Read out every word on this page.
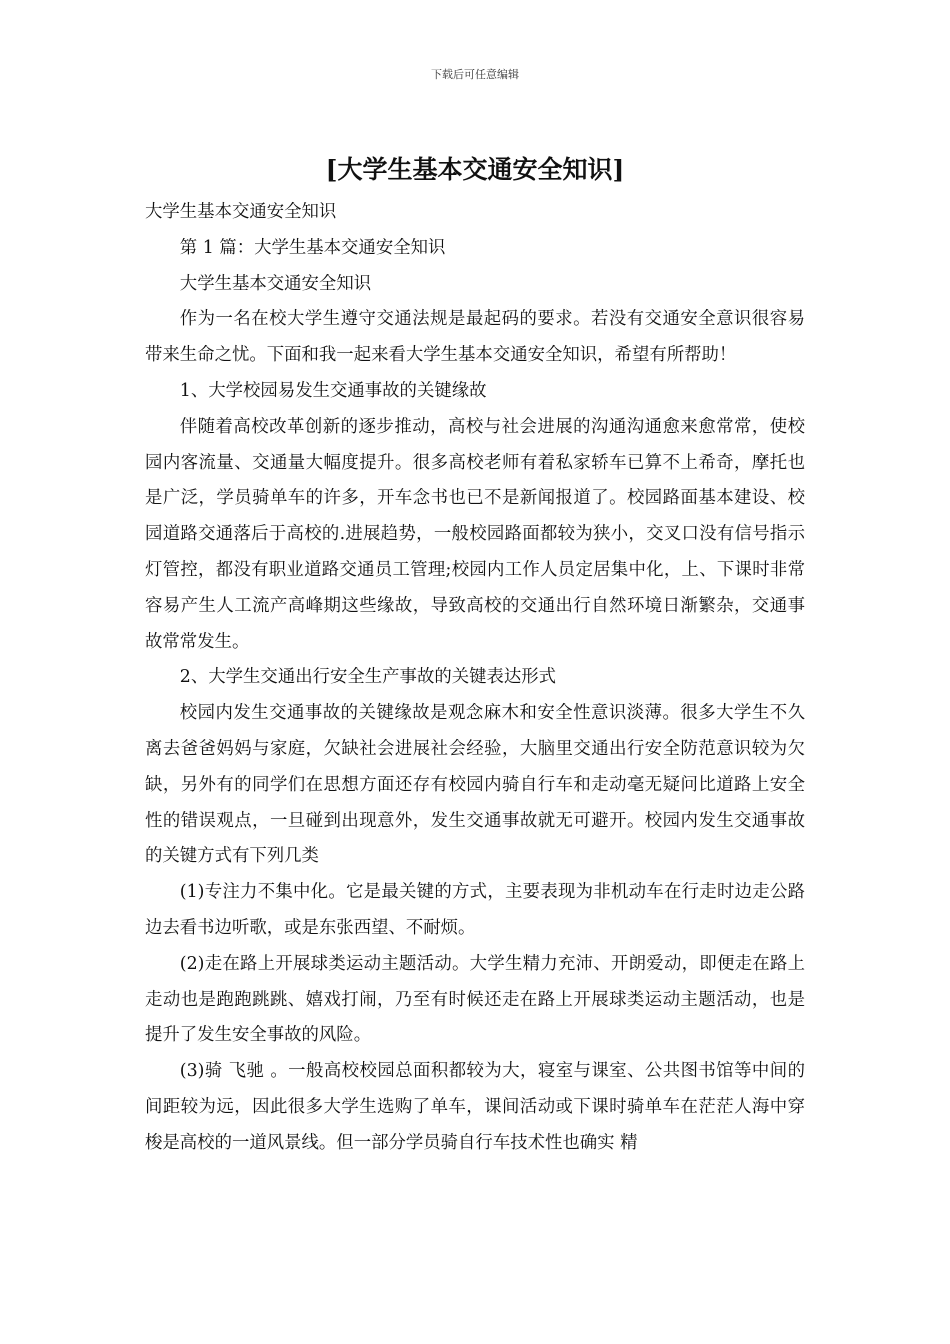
下载后可任意编辑
[大学生基本交通安全知识]

大学生基本交通安全知识

第 1 篇：大学生基本交通安全知识

大学生基本交通安全知识

作为一名在校大学生遵守交通法规是最起码的要求。若没有交通安全意识很容易带来生命之忧。下面和我一起来看大学生基本交通安全知识，希望有所帮助！

1、大学校园易发生交通事故的关键缘故

伴随着高校改革创新的逐步推动，高校与社会进展的沟通沟通愈来愈常常，使校园内客流量、交通量大幅度提升。很多高校老师有着私家轿车已算不上希奇，摩托也是广泛，学员骑单车的许多，开车念书也已不是新闻报道了。校园路面基本建设、校园道路交通落后于高校的.进展趋势，一般校园路面都较为狭小，交叉口没有信号指示灯管控，都没有职业道路交通员工管理;校园内工作人员定居集中化，上、下课时非常容易产生人工流产高峰期这些缘故，导致高校的交通出行自然环境日渐繁杂，交通事故常常发生。

2、大学生交通出行安全生产事故的关键表达形式

校园内发生交通事故的关键缘故是观念麻木和安全性意识淡薄。很多大学生不久离去爸爸妈妈与家庭，欠缺社会进展社会经验，大脑里交通出行安全防范意识较为欠缺，另外有的同学们在思想方面还存有校园内骑自行车和走动毫无疑问比道路上安全性的错误观点，一旦碰到出现意外，发生交通事故就无可避开。校园内发生交通事故的关键方式有下列几类

(1)专注力不集中化。它是最关键的方式，主要表现为非机动车在行走时边走公路边去看书边听歌，或是东张西望、不耐烦。

(2)走在路上开展球类运动主题活动。大学生精力充沛、开朗爱动，即便走在路上走动也是跑跑跳跳、嬉戏打闹，乃至有时候还走在路上开展球类运动主题活动，也是提升了发生安全事故的风险。

(3)骑 飞驰 。一般高校校园总面积都较为大，寝室与课室、公共图书馆等中间的间距较为远，因此很多大学生选购了单车，课间活动或下课时骑单车在茫茫人海中穿梭是高校的一道风景线。但一部分学员骑自行车技术性也确实 精
